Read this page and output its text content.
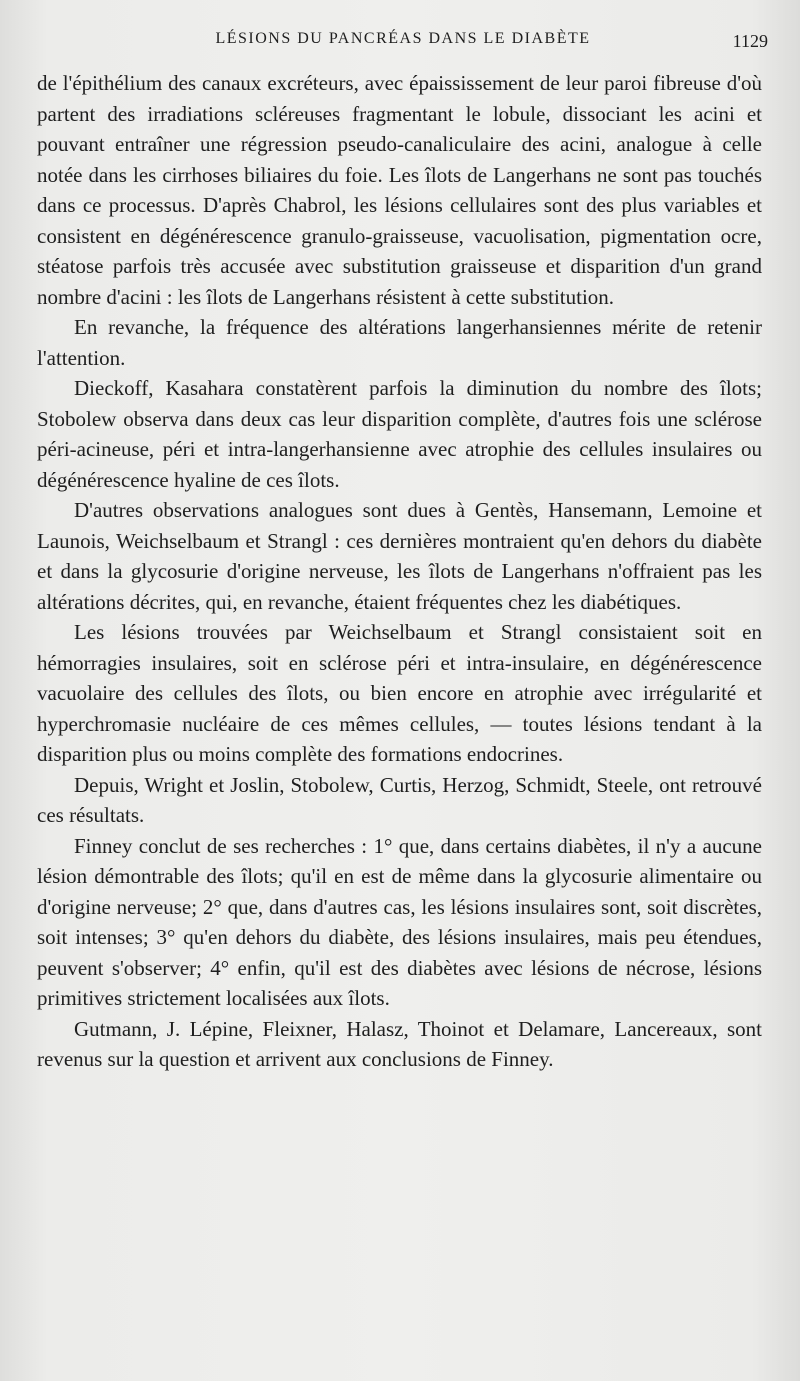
LÉSIONS DU PANCRÉAS DANS LE DIABÈTE	1129

de l'épithélium des canaux excréteurs, avec épaississement de leur paroi fibreuse d'où partent des irradiations scléreuses fragmentant le lobule, dissociant les acini et pouvant entraîner une régression pseudo-canaliculaire des acini, analogue à celle notée dans les cirrhoses biliaires du foie. Les îlots de Langerhans ne sont pas touchés dans ce processus. D'après Chabrol, les lésions cellulaires sont des plus variables et consistent en dégénérescence granulo-graisseuse, vacuolisation, pigmentation ocre, stéatose parfois très accusée avec substitution graisseuse et disparition d'un grand nombre d'acini : les îlots de Langerhans résistent à cette substitution.

En revanche, la fréquence des altérations langerhansiennes mérite de retenir l'attention.

Dieckoff, Kasahara constatèrent parfois la diminution du nombre des îlots; Stobolew observa dans deux cas leur disparition complète, d'autres fois une sclérose péri-acineuse, péri et intra-langerhansienne avec atrophie des cellules insulaires ou dégénérescence hyaline de ces îlots.

D'autres observations analogues sont dues à Gentès, Hansemann, Lemoine et Launois, Weichselbaum et Strangl : ces dernières montraient qu'en dehors du diabète et dans la glycosurie d'origine nerveuse, les îlots de Langerhans n'offraient pas les altérations décrites, qui, en revanche, étaient fréquentes chez les diabétiques.

Les lésions trouvées par Weichselbaum et Strangl consistaient soit en hémorragies insulaires, soit en sclérose péri et intra-insulaire, en dégénérescence vacuolaire des cellules des îlots, ou bien encore en atrophie avec irrégularité et hyperchromasie nucléaire de ces mêmes cellules, — toutes lésions tendant à la disparition plus ou moins complète des formations endocrines.

Depuis, Wright et Joslin, Stobolew, Curtis, Herzog, Schmidt, Steele, ont retrouvé ces résultats.

Finney conclut de ses recherches : 1° que, dans certains diabètes, il n'y a aucune lésion démontrable des îlots; qu'il en est de même dans la glycosurie alimentaire ou d'origine nerveuse; 2° que, dans d'autres cas, les lésions insulaires sont, soit discrètes, soit intenses; 3° qu'en dehors du diabète, des lésions insulaires, mais peu étendues, peuvent s'observer; 4° enfin, qu'il est des diabètes avec lésions de nécrose, lésions primitives strictement localisées aux îlots.

Gutmann, J. Lépine, Fleixner, Halasz, Thoinot et Delamare, Lancereaux, sont revenus sur la question et arrivent aux conclusions de Finney.
